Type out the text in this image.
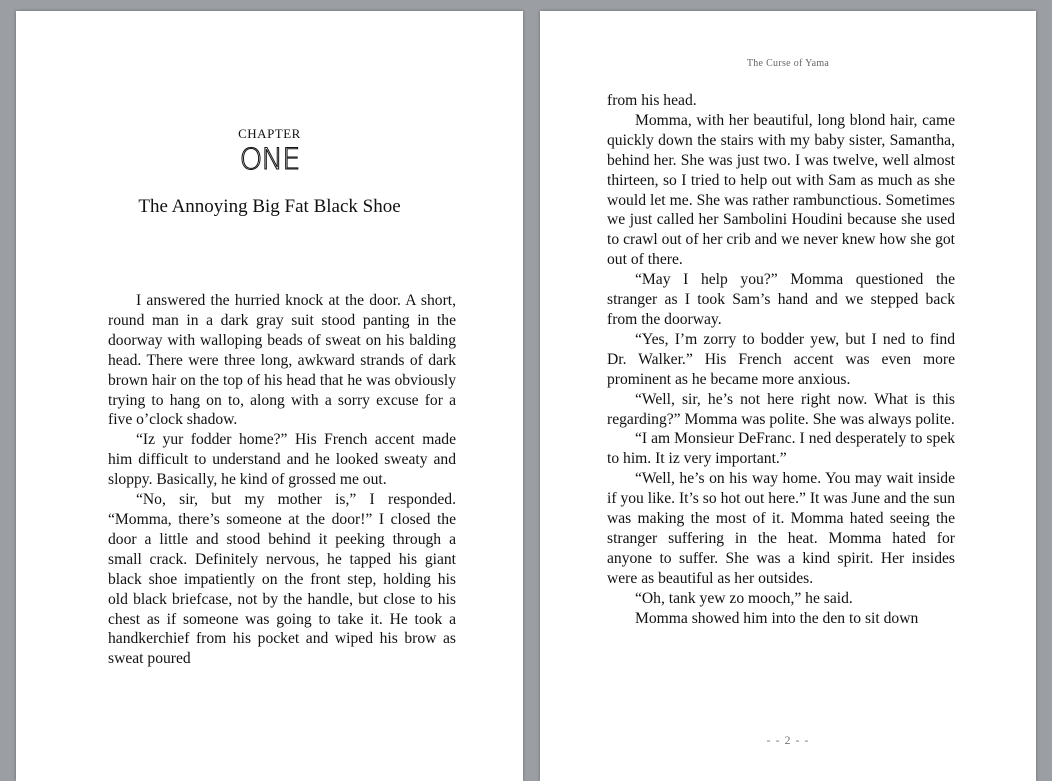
CHAPTER
ONE
The Annoying Big Fat Black Shoe

I answered the hurried knock at the door. A short, round man in a dark gray suit stood panting in the doorway with walloping beads of sweat on his balding head. There were three long, awkward strands of dark brown hair on the top of his head that he was obviously trying to hang on to, along with a sorry excuse for a five o’clock shadow.

“Iz yur fodder home?” His French accent made him difficult to understand and he looked sweaty and sloppy. Basically, he kind of grossed me out.

“No, sir, but my mother is,” I responded. “Momma, there’s someone at the door!” I closed the door a little and stood behind it peeking through a small crack. Definitely nervous, he tapped his giant black shoe impatiently on the front step, holding his old black briefcase, not by the handle, but close to his chest as if someone was going to take it. He took a handkerchief from his pocket and wiped his brow as sweat poured

The Curse of Yama

from his head.

Momma, with her beautiful, long blond hair, came quickly down the stairs with my baby sister, Samantha, behind her. She was just two. I was twelve, well almost thirteen, so I tried to help out with Sam as much as she would let me. She was rather rambunctious. Sometimes we just called her Sambolini Houdini because she used to crawl out of her crib and we never knew how she got out of there.

“May I help you?” Momma questioned the stranger as I took Sam’s hand and we stepped back from the doorway.

“Yes, I’m zorry to bodder yew, but I ned to find Dr. Walker.” His French accent was even more prominent as he became more anxious.

“Well, sir, he’s not here right now. What is this regarding?” Momma was polite. She was always polite.

“I am Monsieur DeFranc. I ned desperately to spek to him. It iz very important.”

“Well, he’s on his way home. You may wait inside if you like. It’s so hot out here.” It was June and the sun was making the most of it. Momma hated seeing the stranger suffering in the heat. Momma hated for anyone to suffer. She was a kind spirit. Her insides were as beautiful as her outsides.

“Oh, tank yew zo mooch,” he said.

Momma showed him into the den to sit down

- - 2 - -
